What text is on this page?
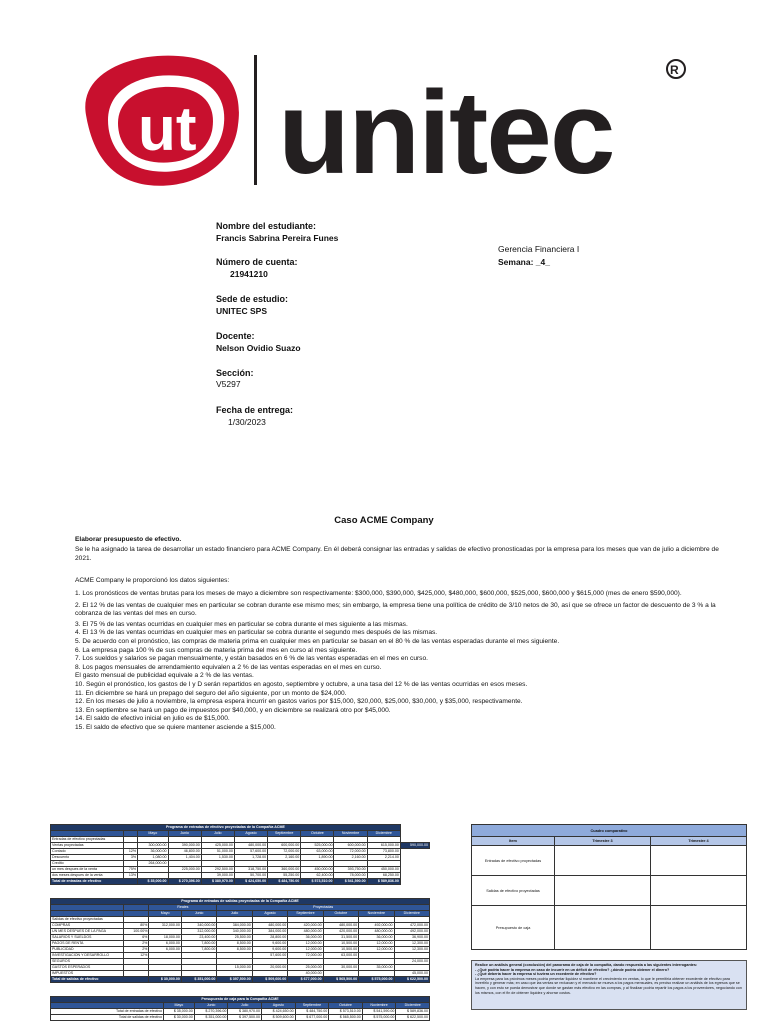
ut unitec	R
Nombre del estudiante:
Francis Sabrina Pereira Funes
Número de cuenta:
21941210
Sede de estudio:
UNITEC SPS
Docente:
Nelson Ovidio Suazo
Sección:
V5297
Fecha de entrega:
1/30/2023
Gerencia Financiera I
Semana: _4_
Caso ACME Company
Elaborar presupuesto de efectivo.
Se le ha asignado la tarea de desarrollar un estado financiero para ACME Company. En él deberá consignar las entradas y salidas de efectivo pronosticadas por la empresa para los meses que van de julio a diciembre de 2021.
ACME Company le proporcionó los datos siguientes:
1. Los pronósticos de ventas brutas para los meses de mayo a diciembre son respectivamente: $300,000, $390,000, $425,000, $480,000, $600,000, $525,000, $600,000 y $615,000 (mes de enero $590,000).
2. El 12 % de las ventas de cualquier mes en particular se cobran durante ese mismo mes; sin embargo, la empresa tiene una política de crédito de 3/10 netos de 30, así que se ofrece un factor de descuento de 3 % a la cobranza de las ventas del mes en curso.
3. El 75 % de las ventas ocurridas en cualquier mes en particular se cobra durante el mes siguiente a las mismas.
4. El 13 % de las ventas ocurridas en cualquier mes en particular se cobra durante el segundo mes después de las mismas.
5. De acuerdo con el pronóstico, las compras de materia prima en cualquier mes en particular se basan en el 80 % de las ventas esperadas durante el mes siguiente.
6. La empresa paga 100 % de sus compras de materia prima del mes en curso al mes siguiente.
7. Los sueldos y salarios se pagan mensualmente, y están basados en 6 % de las ventas esperadas en el mes en curso.
8. Los pagos mensuales de arrendamiento equivalen a 2 % de las ventas esperadas en el mes en curso.
El gasto mensual de publicidad equivale a 2 % de las ventas.
10. Según el pronóstico, los gastos de I y D serán repartidos en agosto, septiembre y octubre, a una tasa del 12 % de las ventas ocurridas en esos meses.
11. En diciembre se hará un prepago del seguro del año siguiente, por un monto de $24,000.
12. En los meses de julio a noviembre, la empresa espera incurrir en gastos varios por $15,000, $20,000, $25,000, $30,000, y $35,000, respectivamente.
13. En septiembre se hará un pago de impuestos por $40,000, y en diciembre se realizará otro por $45,000.
14. El saldo de efectivo inicial en julio es de $15,000.
15. El saldo de efectivo que se quiere mantener asciende a $15,000.
Programa de entradas de efectivo proyectadas de la Compañía ACME										
		Mayo	Junio	Julio	Agosto	Septiembre	Octubre	Noviembre	Diciembre	
Entradas de efectivo proyectadas										
Ventas proyectadas		300,000.00	390,000.00	425,000.00	480,000.00	600,000.00	525,000.00	600,000.00	615,000.00	590,000.00
Contado	12%	36,000.00	46,800.00	51,000.00	57,600.00	72,000.00	63,000.00	72,000.00	73,800.00	
Descuento	3%	1,080.00	1,404.00	1,530.00	1,728.00	2,160.00	1,890.00	2,160.00	2,214.00	
Credito		264,000.00								
un mes despues de la venta	75%		225,000.00	292,500.00	318,750.00	360,000.00	450,000.00	393,750.00	450,000.00	
dos meses despues de la venta	13%			39,000.00	50,700.00	55,250.00	62,400.00	78,000.00	68,250.00	
Total de entradas de efectivo		$ 35,000.00	$ 270,396.00	$ 380,970.00	$ 424,650.00	$ 484,750.00	$ 573,510.00	$ 541,590.00	$ 589,836.00	
Programa de entradas de salidas proyectadas de la Compañía ACME									
		Reales		Proyectadas					
		Mayo	Junio	Julio	Agosto	Septiembre	Octubre	Noviembre	Diciembre
Salidas de efectivo proyectadas									
COMPRAS	80%	312,000.00	340,000.00	384,000.00	480,000.00	420,000.00	480,000.00	492,000.00	472,000.00
UN MES DESPUES DE LA PAGA	100.00%		312,000.00	340,000.00	384,000.00	480,000.00	420,000.00	480,000.00	492,000.00
SALARIOS Y SUELDOS	6%	18,000.00	23,400.00	25,500.00	28,800.00	36,000.00	31,500.00	36,000.00	36,900.00
PAGOS DE RENTA	2%	6,000.00	7,800.00	8,500.00	9,600.00	12,000.00	10,500.00	12,000.00	12,300.00
PUBLICIDAD	2%	6,000.00	7,800.00	8,500.00	9,600.00	12,000.00	10,500.00	12,000.00	12,300.00
INVESTIGACION Y DESARROLLO	12%				57,600.00	72,000.00	63,000.00		
SEGUROS									24,000.00
GASTOS ESPERADOS				15,000.00	20,000.00	25,000.00	30,000.00	35,000.00	
IMPUESTOS						40,000.00			45,000.00
Total de salidas de efectivo		$ 30,000.00	$ 351,000.00	$ 397,500.00	$ 509,600.00	$ 677,000.00	$ 565,500.00	$ 575,000.00	$ 622,500.00
Presupuesto de caja para la Compañía ACME								
	Mayo	Junio	Julio	Agosto	Septiembre	Octubre	Noviembre	Diciembre
Total de entradas de efectivo	$ 35,000.00	$ 270,396.00	$ 380,970.00	$ 424,650.00	$ 484,750.00	$ 573,510.00	$ 541,590.00	$ 589,836.00
Total de salidas de efectivo	$ 30,000.00	$ 351,000.00	$ 397,500.00	$ 509,600.00	$ 677,000.00	$ 565,500.00	$ 575,000.00	$ 622,500.00
Cuadro comparativo		
Item	Trimestre 3	Trimestre 4
Entradas de efectivo proyectadas		
Salidas de efectivo proyectadas		
Presupuesto de caja		
Realice un análisis general (conclusión) del panorama de caja de la compañía, dando respuesta a las siguientes interrogantes:
- ¿Qué podría hacer la empresa en caso de incurrir en un déficit de efectivo? ¿dónde podría obtener el dinero?
- ¿Qué debería hacer la empresa si tuviera un excedente de efectivo?
La empresa para los próximos meses podría presentar liquidez si mantiene el crecimiento en ventas, lo que le permitiría obtener excedente de efectivo para invertirlo y generar más; en caso que las ventas se reduzcan y el mercado se mueva a los pagos mensuales, es preciso realizar un análisis de los egresos que se hacen, y con esto se pueda demostrar que donde se gastan más efectivo en las compras, y al finalizar podría repartir los pagos a los proveedores, negociando con los mismos, con el fin de obtener liquidez y ahorrar costos.
